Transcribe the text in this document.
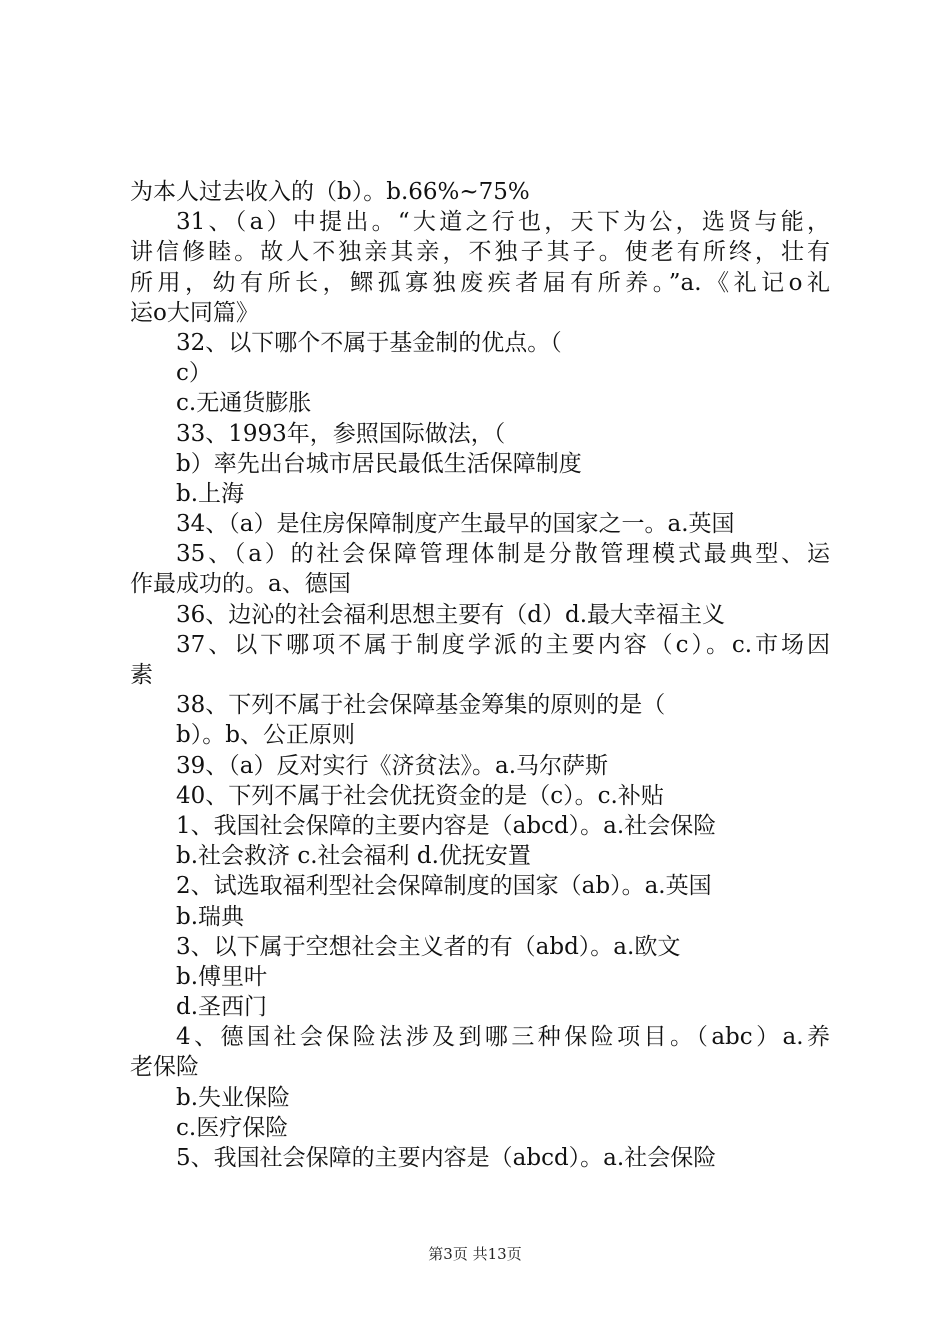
为本人过去收入的（b）。b.66%~75%
31、（a）中提出。“大道之行也，天下为公，选贤与能，
讲信修睦。故人不独亲其亲，不独子其子。使老有所终，壮有
所用，幼有所长，鳏孤寡独废疾者届有所养。”a.《礼记o礼
运o大同篇》
32、以下哪个不属于基金制的优点。（
c）
c.无通货膨胀
33、1993年，参照国际做法，（
b）率先出台城市居民最低生活保障制度
b.上海
34、（a）是住房保障制度产生最早的国家之一。a.英国
35、（a）的社会保障管理体制是分散管理模式最典型、运
作最成功的。a、德国
36、边沁的社会福利思想主要有（d）d.最大幸福主义
37、以下哪项不属于制度学派的主要内容（c）。c.市场因
素
38、下列不属于社会保障基金筹集的原则的是（
b）。b、公正原则
39、（a）反对实行《济贫法》。a.马尔萨斯
40、下列不属于社会优抚资金的是（c）。c.补贴
1、我国社会保障的主要内容是（abcd）。a.社会保险
b.社会救济 c.社会福利 d.优抚安置
2、试选取福利型社会保障制度的国家（ab）。a.英国
b.瑞典
3、以下属于空想社会主义者的有（abd）。a.欧文
b.傅里叶
d.圣西门
4、德国社会保险法涉及到哪三种保险项目。（abc）a.养
老保险
b.失业保险
c.医疗保险
5、我国社会保障的主要内容是（abcd）。a.社会保险
第3页 共13页
